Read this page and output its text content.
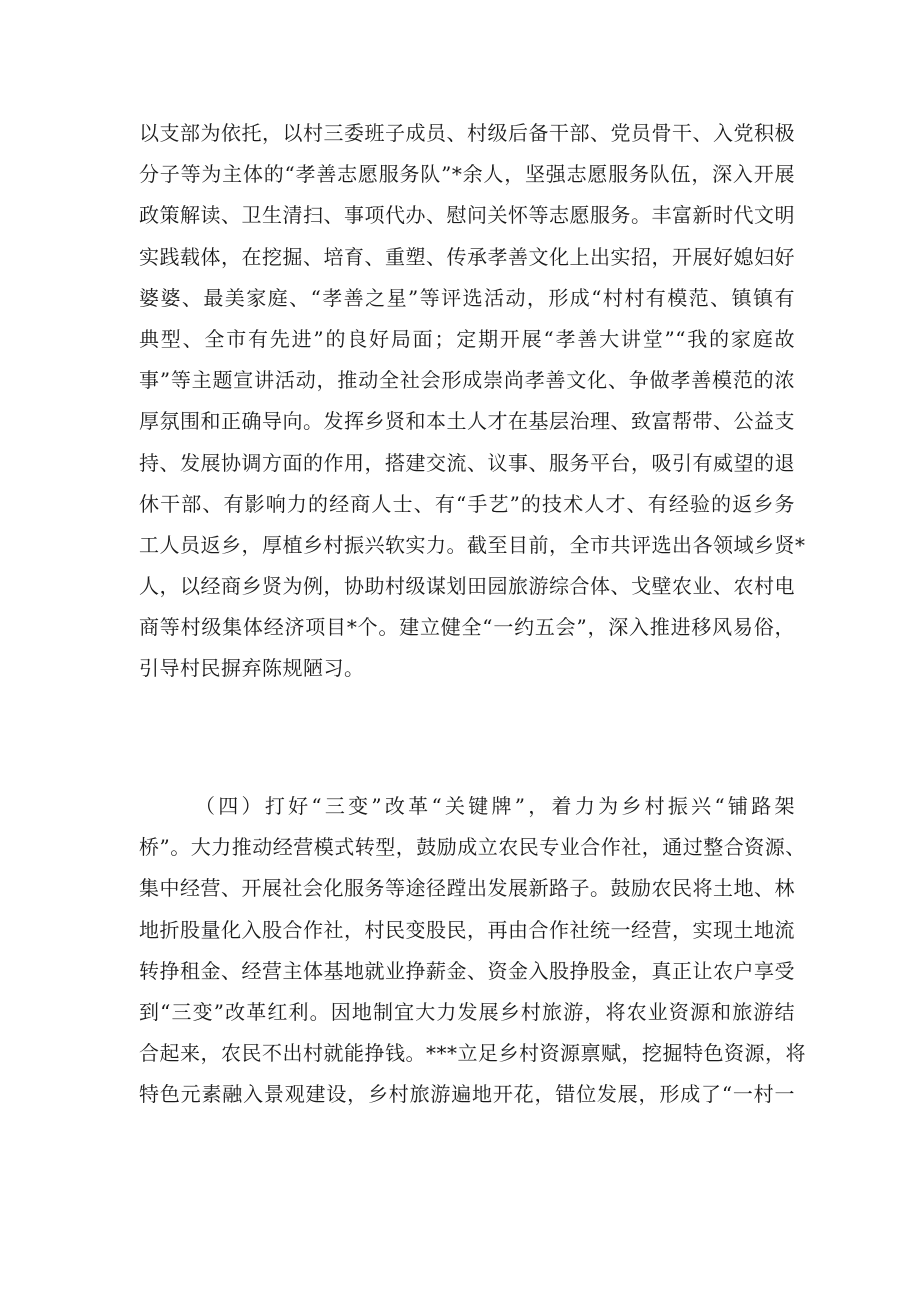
以支部为依托，以村三委班子成员、村级后备干部、党员骨干、入党积极
分子等为主体的“孝善志愿服务队”*余人，坚强志愿服务队伍，深入开展
政策解读、卫生清扫、事项代办、慰问关怀等志愿服务。丰富新时代文明
实践载体，在挖掘、培育、重塑、传承孝善文化上出实招，开展好媳妇好
婆婆、最美家庭、“孝善之星”等评选活动，形成“村村有模范、镇镇有
典型、全市有先进”的良好局面；定期开展“孝善大讲堂”“我的家庭故
事”等主题宣讲活动，推动全社会形成崇尚孝善文化、争做孝善模范的浓
厚氛围和正确导向。发挥乡贤和本土人才在基层治理、致富帮带、公益支
持、发展协调方面的作用，搭建交流、议事、服务平台，吸引有威望的退
休干部、有影响力的经商人士、有“手艺”的技术人才、有经验的返乡务
工人员返乡，厚植乡村振兴软实力。截至目前，全市共评选出各领域乡贤*
人，以经商乡贤为例，协助村级谋划田园旅游综合体、戈壁农业、农村电
商等村级集体经济项目*个。建立健全“一约五会”，深入推进移风易俗，
引导村民摒弃陈规陋习。
（四）打好“三变”改革“关键牌”，着力为乡村振兴“铺路架
桥”。大力推动经营模式转型，鼓励成立农民专业合作社，通过整合资源、
集中经营、开展社会化服务等途径蹚出发展新路子。鼓励农民将土地、林
地折股量化入股合作社，村民变股民，再由合作社统一经营，实现土地流
转挣租金、经营主体基地就业挣薪金、资金入股挣股金，真正让农户享受
到“三变”改革红利。因地制宜大力发展乡村旅游，将农业资源和旅游结
合起来，农民不出村就能挣钱。***立足乡村资源禀赋，挖掘特色资源，将
特色元素融入景观建设，乡村旅游遍地开花，错位发展，形成了“一村一
